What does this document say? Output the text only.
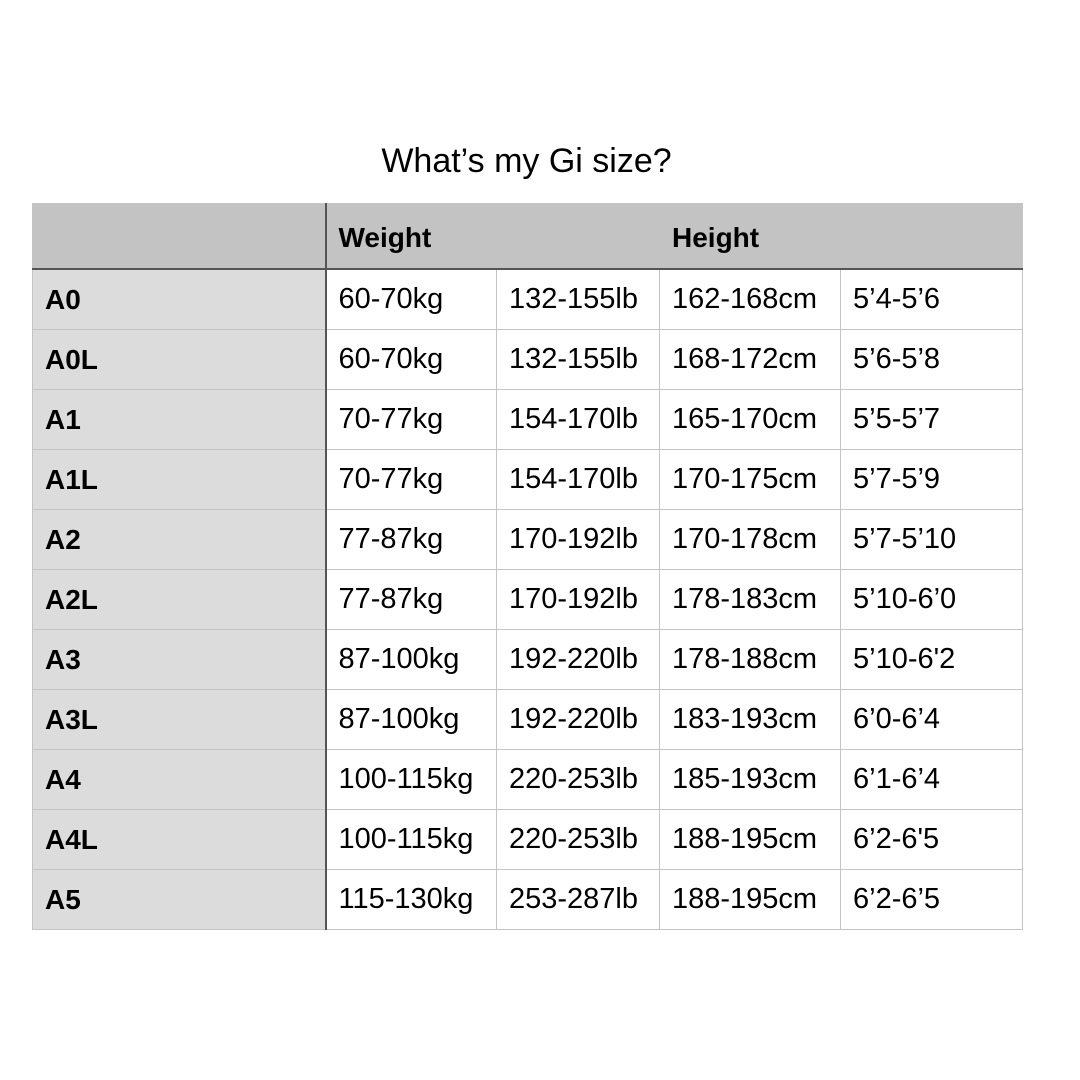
What’s my Gi size?
	Weight		Height	
A0	60-70kg	132-155lb	162-168cm	5’4-5’6
A0L	60-70kg	132-155lb	168-172cm	5’6-5’8
A1	70-77kg	154-170lb	165-170cm	5’5-5’7
A1L	70-77kg	154-170lb	170-175cm	5’7-5’9
A2	77-87kg	170-192lb	170-178cm	5’7-5’10
A2L	77-87kg	170-192lb	178-183cm	5’10-6’0
A3	87-100kg	192-220lb	178-188cm	5’10-6'2
A3L	87-100kg	192-220lb	183-193cm	6’0-6’4
A4	100-115kg	220-253lb	185-193cm	6’1-6’4
A4L	100-115kg	220-253lb	188-195cm	6’2-6'5
A5	115-130kg	253-287lb	188-195cm	6’2-6’5
